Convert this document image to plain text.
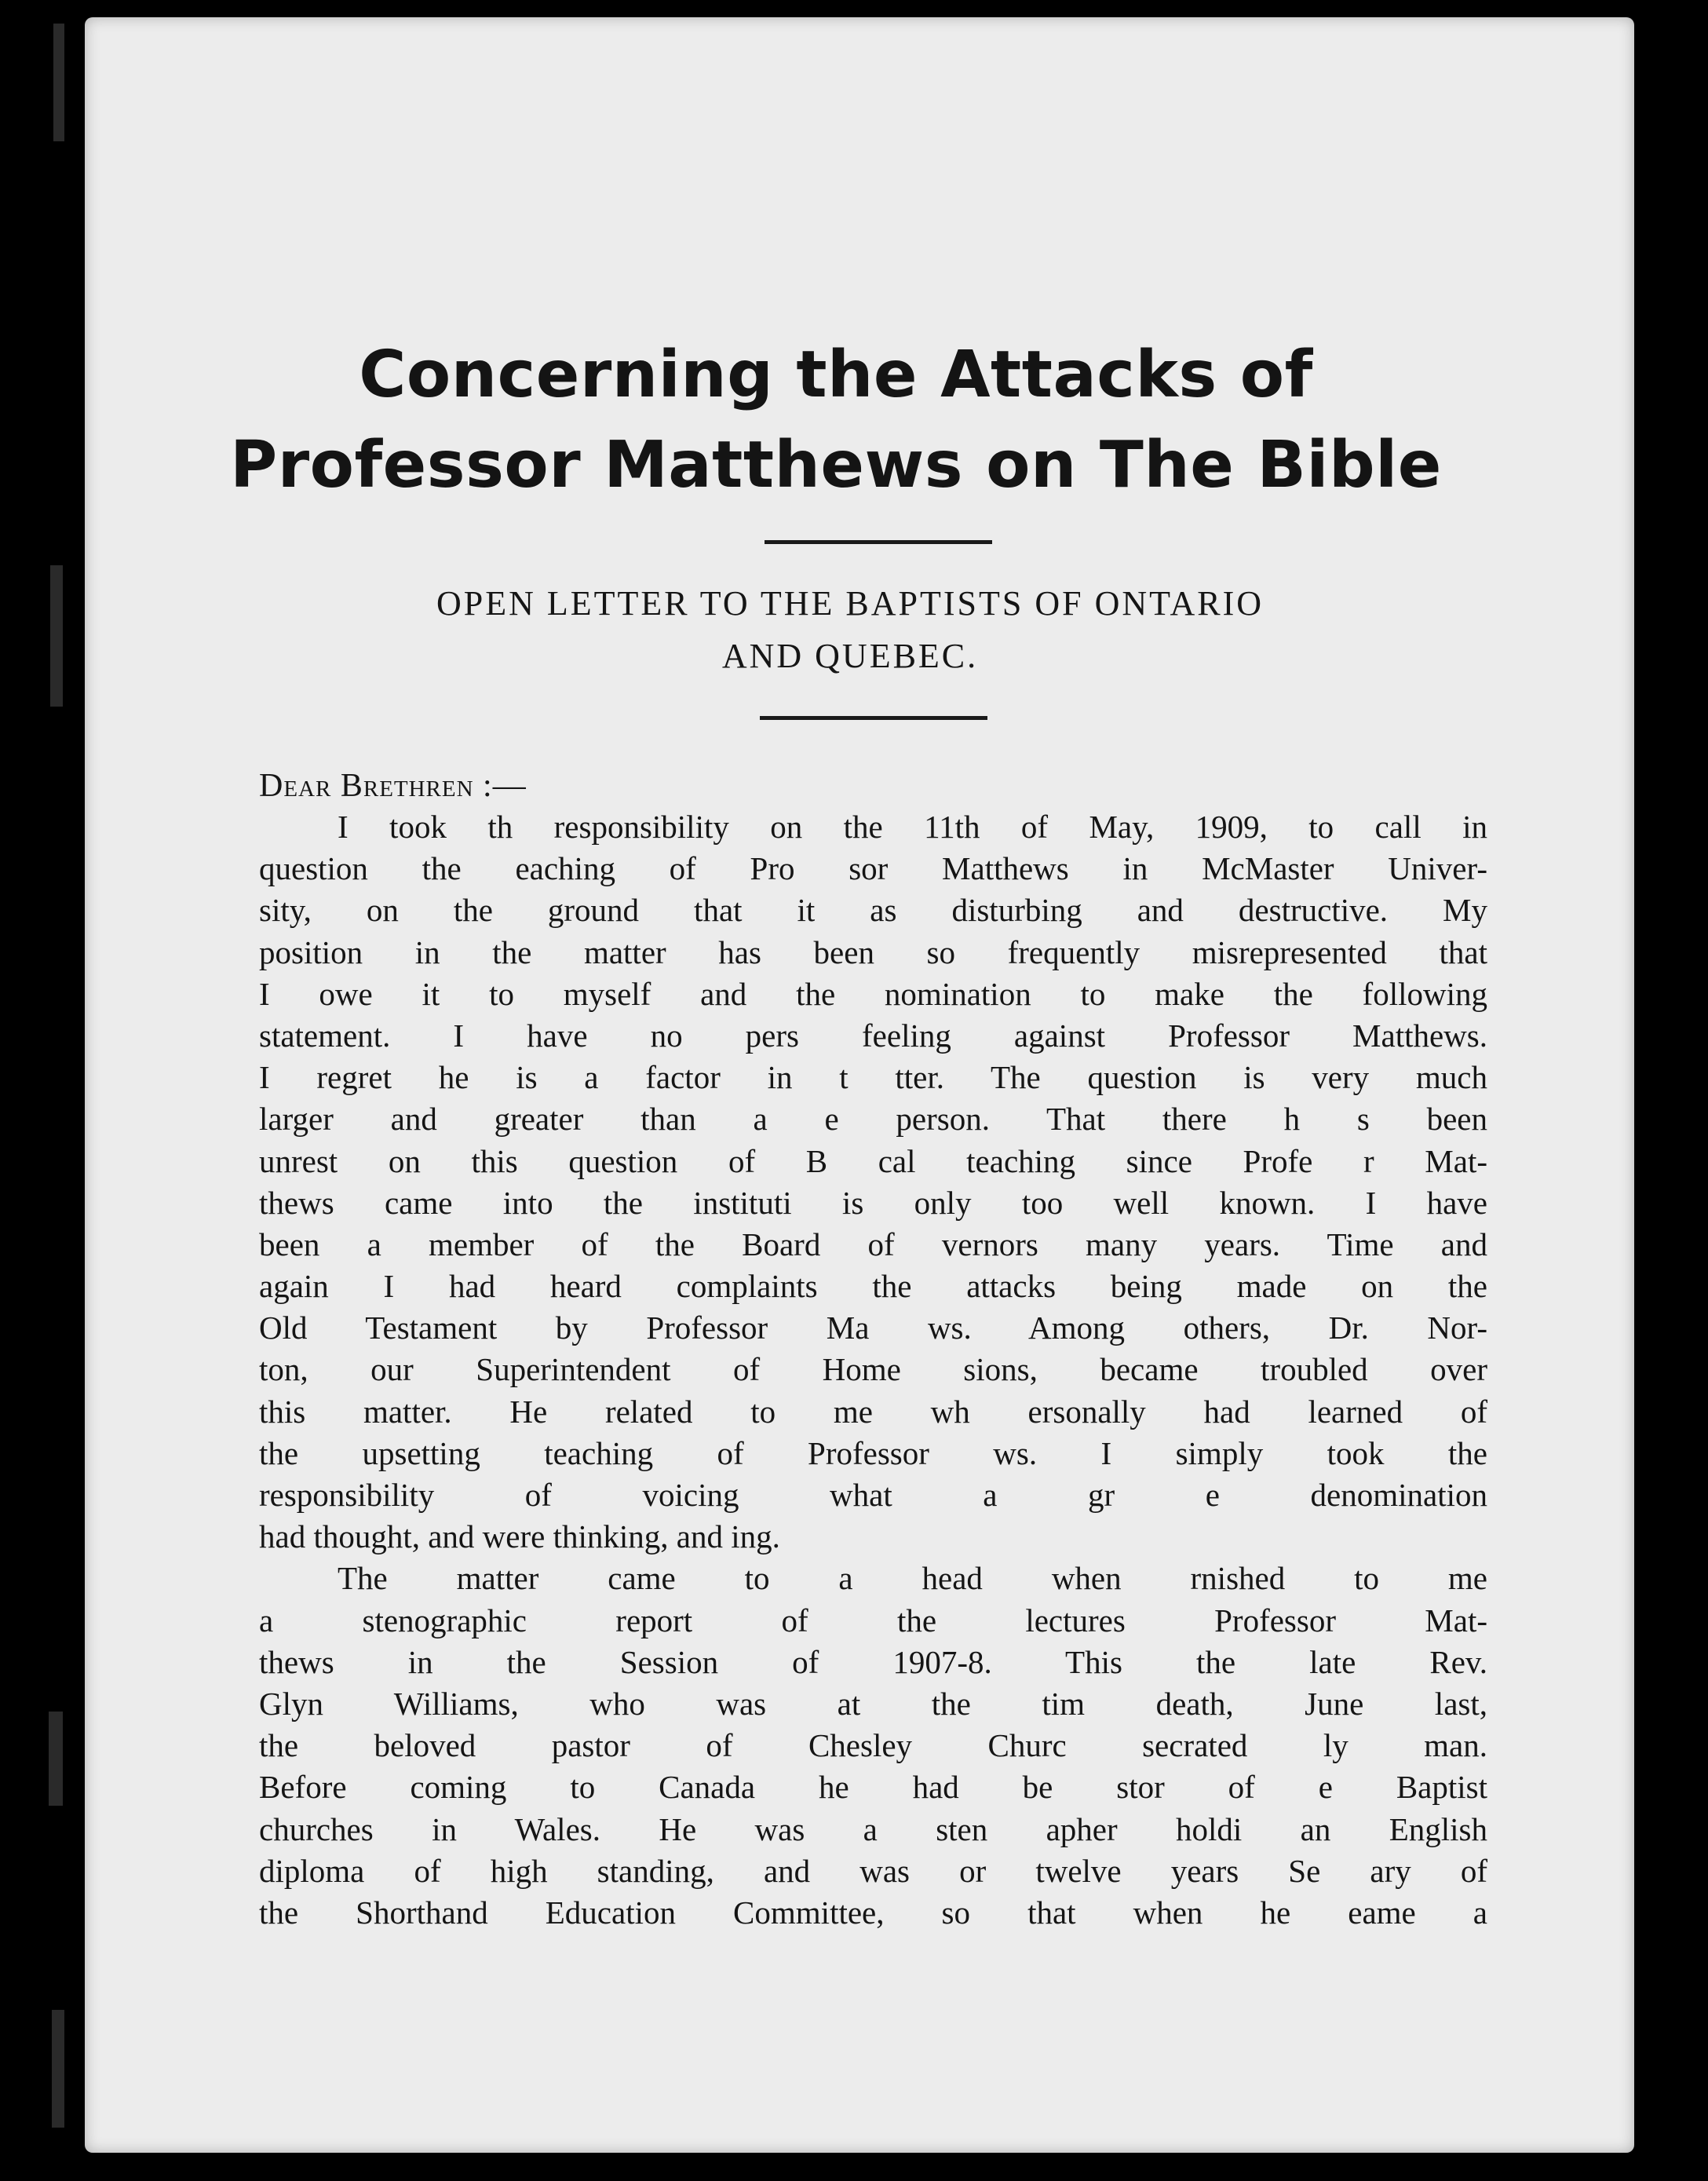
Concerning the Attacks of
Professor Matthews on The Bible
OPEN LETTER TO THE BAPTISTS OF ONTARIO
AND QUEBEC.
Dear Brethren :—
I took th responsibility on the 11th of May, 1909, to call in
question the eaching of Pro sor Matthews in McMaster Univer-
sity, on the ground that it as disturbing and destructive. My
position in the matter has been so frequently misrepresented that
I owe it to myself and the nomination to make the following
statement. I have no pers feeling against Professor Matthews.
I regret he is a factor in t tter. The question is very much
larger and greater than a e person. That there h s been
unrest on this question of B cal teaching since Profe r Mat-
thews came into the instituti is only too well known. I have
been a member of the Board of vernors many years. Time and
again I had heard complaints the attacks being made on the
Old Testament by Professor Ma ws. Among others, Dr. Nor-
ton, our Superintendent of Home sions, became troubled over
this matter. He related to me wh ersonally had learned of
the upsetting teaching of Professor ws. I simply took the
responsibility of voicing what a gr e denomination
had thought, and were thinking, and ing.
The matter came to a head when rnished to me
a stenographic report of the lectures Professor Mat-
thews in the Session of 1907-8. This the late Rev.
Glyn Williams, who was at the tim death, June last,
the beloved pastor of Chesley Churc secrated ly man.
Before coming to Canada he had be stor of e Baptist
churches in Wales. He was a sten apher holdi an English
diploma of high standing, and was or twelve years Se ary of
the Shorthand Education Committee, so that when he eame a
